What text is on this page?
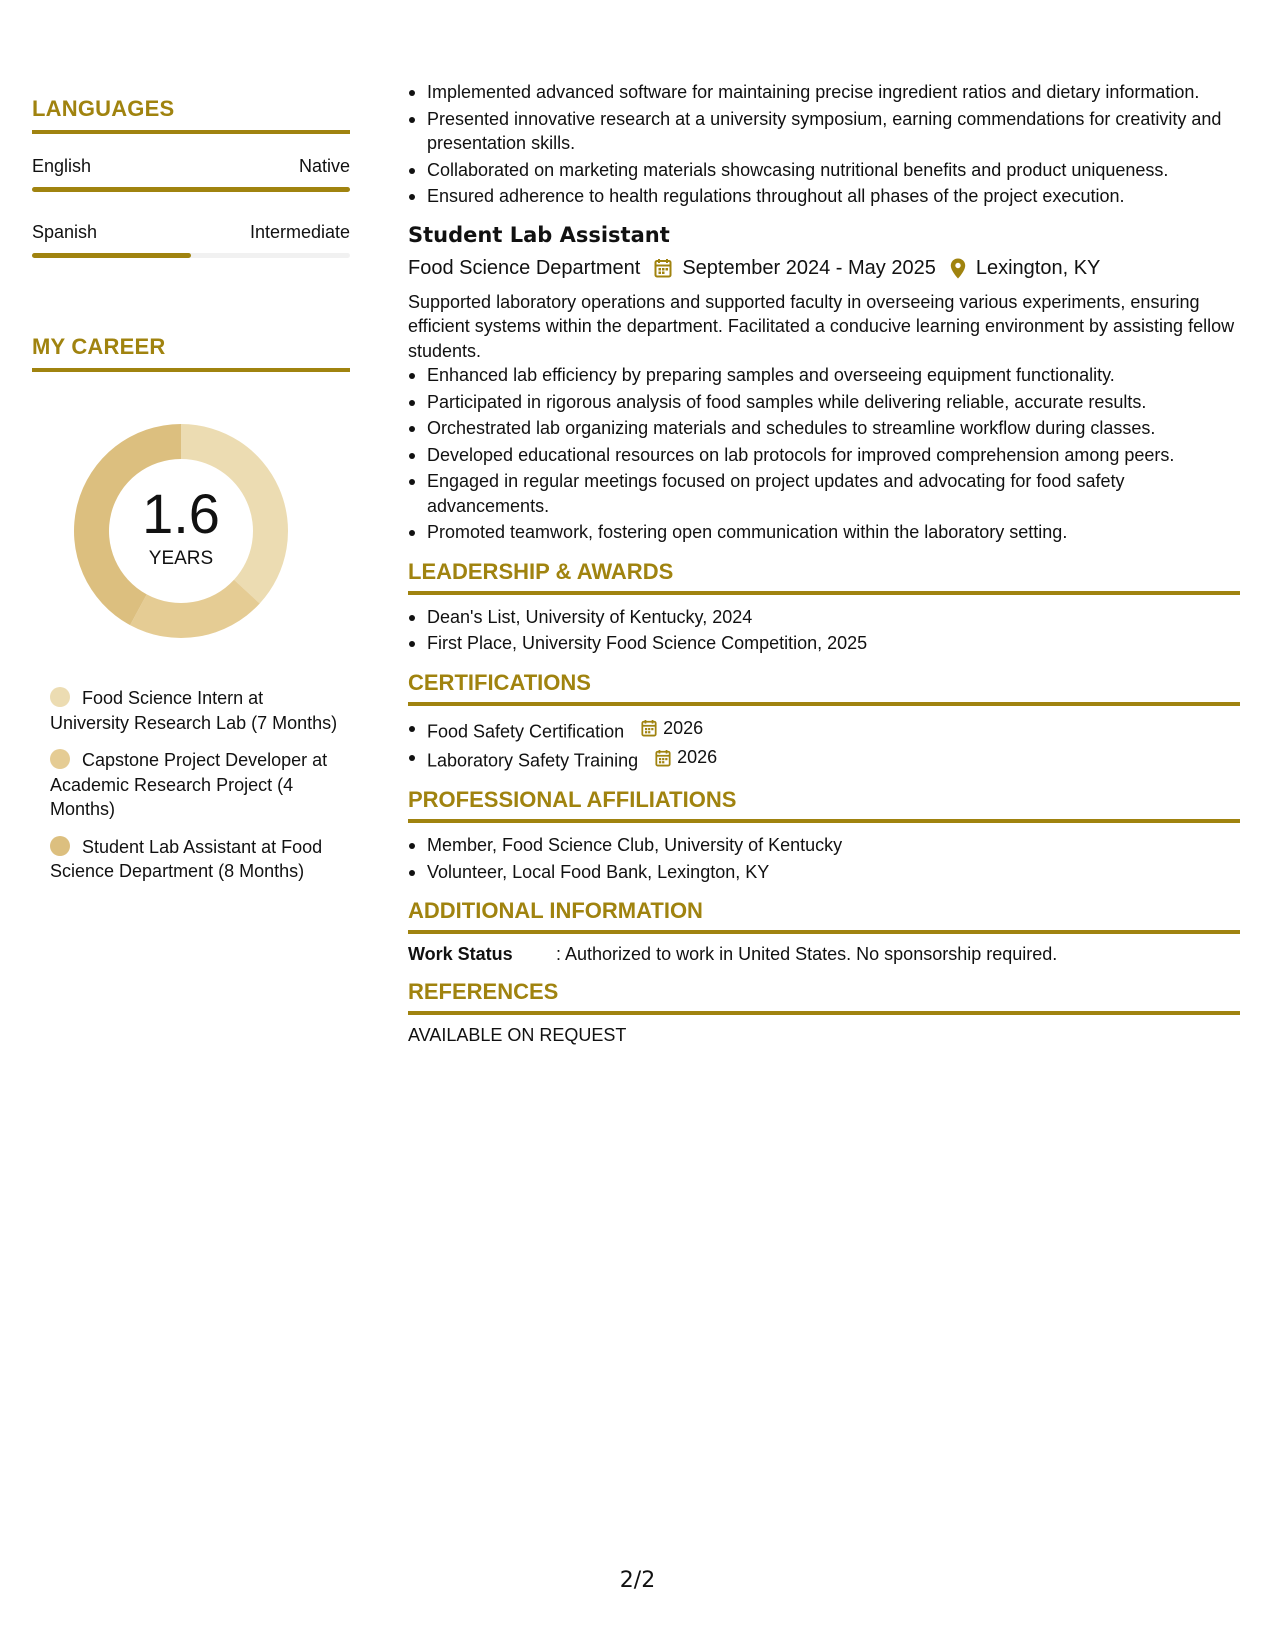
LANGUAGES
English	Native
Spanish	Intermediate
MY CAREER
1.6
YEARS
Food Science Intern at University Research Lab (7 Months)
Capstone Project Developer at Academic Research Project (4 Months)
Student Lab Assistant at Food Science Department (8 Months)
Implemented advanced software for maintaining precise ingredient ratios and dietary information.
Presented innovative research at a university symposium, earning commendations for creativity and presentation skills.
Collaborated on marketing materials showcasing nutritional benefits and product uniqueness.
Ensured adherence to health regulations throughout all phases of the project execution.
Student Lab Assistant
Food Science Department September 2024 - May 2025 Lexington, KY
Supported laboratory operations and supported faculty in overseeing various experiments, ensuring efficient systems within the department. Facilitated a conducive learning environment by assisting fellow students.
Enhanced lab efficiency by preparing samples and overseeing equipment functionality.
Participated in rigorous analysis of food samples while delivering reliable, accurate results.
Orchestrated lab organizing materials and schedules to streamline workflow during classes.
Developed educational resources on lab protocols for improved comprehension among peers.
Engaged in regular meetings focused on project updates and advocating for food safety advancements.
Promoted teamwork, fostering open communication within the laboratory setting.
LEADERSHIP & AWARDS
Dean's List, University of Kentucky, 2024
First Place, University Food Science Competition, 2025
CERTIFICATIONS
Food Safety Certification 2026
Laboratory Safety Training 2026
PROFESSIONAL AFFILIATIONS
Member, Food Science Club, University of Kentucky
Volunteer, Local Food Bank, Lexington, KY
ADDITIONAL INFORMATION
Work Status	: Authorized to work in United States. No sponsorship required.
REFERENCES
AVAILABLE ON REQUEST
2/2
